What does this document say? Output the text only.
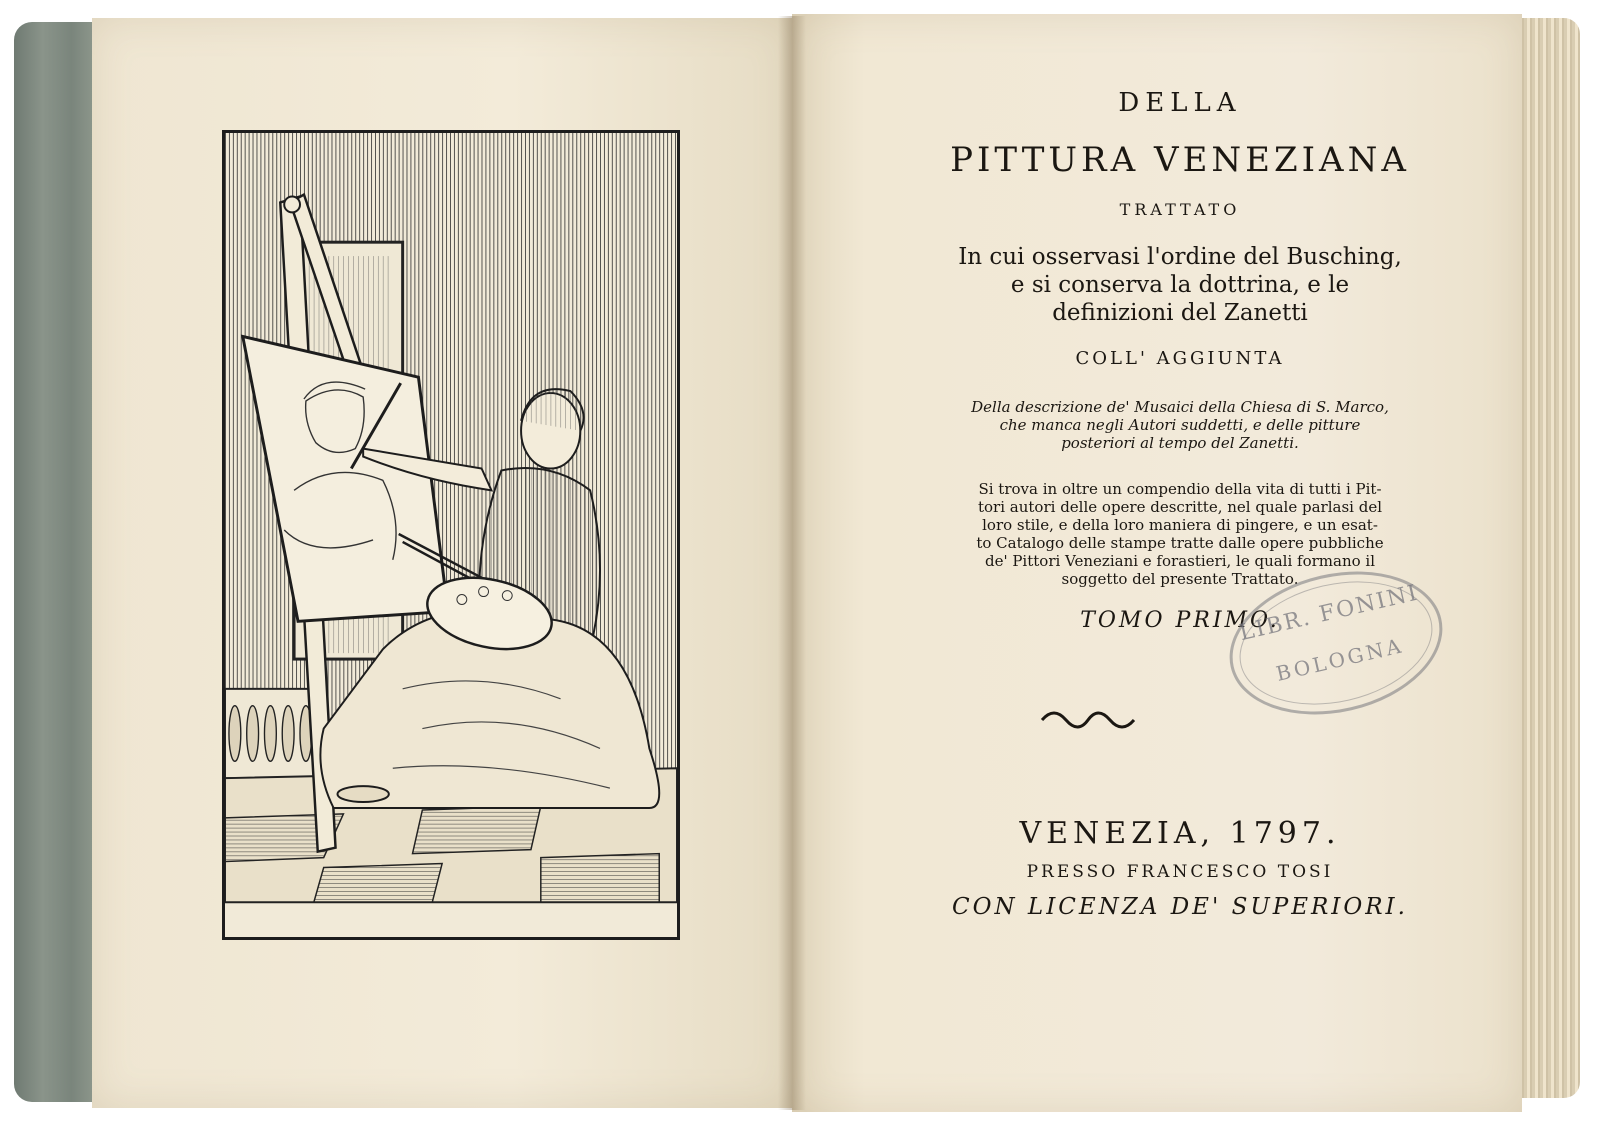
DELLA
PITTURA VENEZIANA
TRATTATO
In cui osservasi l'ordine del Busching,
e si conserva la dottrina, e le
definizioni del Zanetti
COLL' AGGIUNTA
Della descrizione de' Musaici della Chiesa di S. Marco,
che manca negli Autori suddetti, e delle pitture
posteriori al tempo del Zanetti.
Si trova in oltre un compendio della vita di tutti i Pit-
tori autori delle opere descritte, nel quale parlasi del
loro stile, e della loro maniera di pingere, e un esat-
to Catalogo delle stampe tratte dalle opere pubbliche
de' Pittori Veneziani e forastieri, le quali formano il
soggetto del presente Trattato.
TOMO PRIMO.
VENEZIA, 1797.
PRESSO FRANCESCO TOSI
CON LICENZA DE' SUPERIORI.
LIBR. FONINI
BOLOGNA
